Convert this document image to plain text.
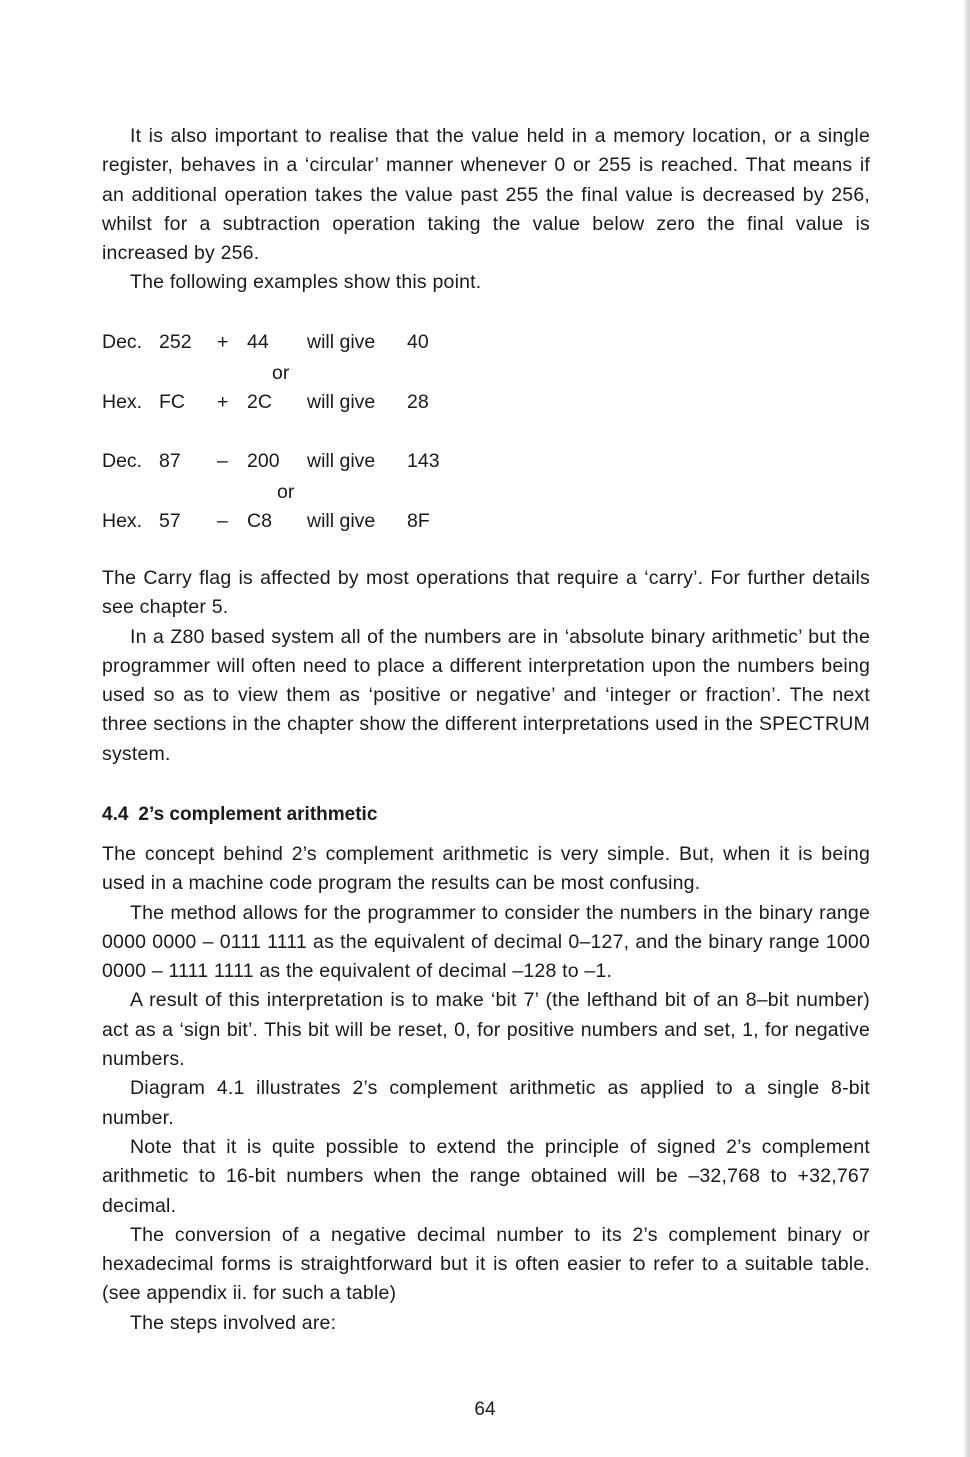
It is also important to realise that the value held in a memory location, or a single register, behaves in a ‘circular’ manner whenever 0 or 255 is reached. That means if an additional operation takes the value past 255 the final value is decreased by 256, whilst for a subtraction operation taking the value below zero the final value is increased by 256.

The following examples show this point.

Dec. 252 + 44 will give 40
or
Hex. FC + 2C will give 28
Dec. 87 – 200 will give 143
or
Hex. 57 – C8 will give 8F

The Carry flag is affected by most operations that require a ‘carry’. For further details see chapter 5.

In a Z80 based system all of the numbers are in ‘absolute binary arithmetic’ but the programmer will often need to place a different interpretation upon the numbers being used so as to view them as ‘positive or negative’ and ‘integer or fraction’. The next three sections in the chapter show the different interpretations used in the SPECTRUM system.

4.4 2’s complement arithmetic

The concept behind 2’s complement arithmetic is very simple. But, when it is being used in a machine code program the results can be most confusing.

The method allows for the programmer to consider the numbers in the binary range 0000 0000 – 0111 1111 as the equivalent of decimal 0–127, and the binary range 1000 0000 – 1111 1111 as the equivalent of decimal –128 to –1.

A result of this interpretation is to make ‘bit 7’ (the lefthand bit of an 8–bit number) act as a ‘sign bit’. This bit will be reset, 0, for positive numbers and set, 1, for negative numbers.

Diagram 4.1 illustrates 2’s complement arithmetic as applied to a single 8-bit number.

Note that it is quite possible to extend the principle of signed 2’s complement arithmetic to 16-bit numbers when the range obtained will be –32,768 to +32,767 decimal.

The conversion of a negative decimal number to its 2’s complement binary or hexadecimal forms is straightforward but it is often easier to refer to a suitable table. (see appendix ii. for such a table)

The steps involved are:

64
